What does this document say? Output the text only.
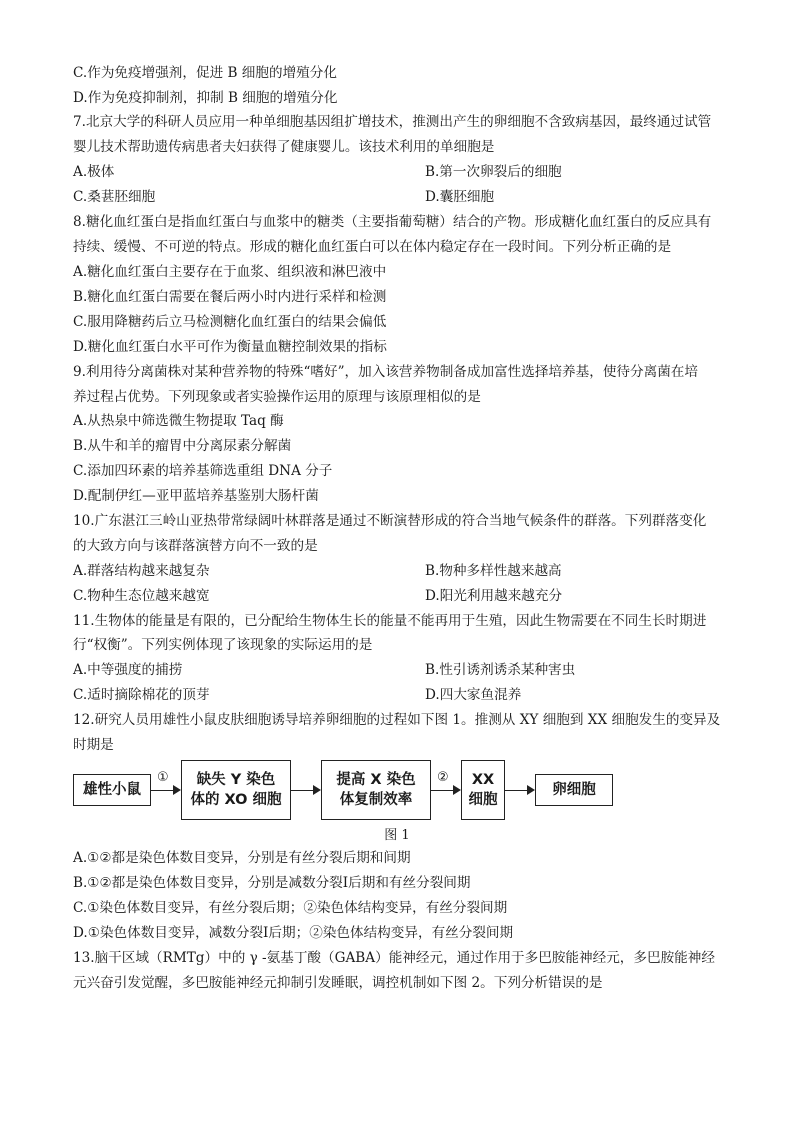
C.作为免疫增强剂，促进 B 细胞的增殖分化
D.作为免疫抑制剂，抑制 B 细胞的增殖分化
7.北京大学的科研人员应用一种单细胞基因组扩增技术，推测出产生的卵细胞不含致病基因，最终通过试管
婴儿技术帮助遗传病患者夫妇获得了健康婴儿。该技术利用的单细胞是
A.极体	B.第一次卵裂后的细胞
C.桑葚胚细胞	D.囊胚细胞
8.糖化血红蛋白是指血红蛋白与血浆中的糖类（主要指葡萄糖）结合的产物。形成糖化血红蛋白的反应具有
持续、缓慢、不可逆的特点。形成的糖化血红蛋白可以在体内稳定存在一段时间。下列分析正确的是
A.糖化血红蛋白主要存在于血浆、组织液和淋巴液中
B.糖化血红蛋白需要在餐后两小时内进行采样和检测
C.服用降糖药后立马检测糖化血红蛋白的结果会偏低
D.糖化血红蛋白水平可作为衡量血糖控制效果的指标
9.利用待分离菌株对某种营养物的特殊“嗜好”，加入该营养物制备成加富性选择培养基，使待分离菌在培
养过程占优势。下列现象或者实验操作运用的原理与该原理相似的是
A.从热泉中筛选微生物提取 Taq 酶
B.从牛和羊的瘤胃中分离尿素分解菌
C.添加四环素的培养基筛选重组 DNA 分子
D.配制伊红—亚甲蓝培养基鉴别大肠杆菌
10.广东湛江三岭山亚热带常绿阔叶林群落是通过不断演替形成的符合当地气候条件的群落。下列群落变化
的大致方向与该群落演替方向不一致的是
A.群落结构越来越复杂	B.物种多样性越来越高
C.物种生态位越来越宽	D.阳光利用越来越充分
11.生物体的能量是有限的，已分配给生物体生长的能量不能再用于生殖，因此生物需要在不同生长时期进
行“权衡”。下列实例体现了该现象的实际运用的是
A.中等强度的捕捞	B.性引诱剂诱杀某种害虫
C.适时摘除棉花的顶芽	D.四大家鱼混养
12.研究人员用雄性小鼠皮肤细胞诱导培养卵细胞的过程如下图 1。推测从 XY 细胞到 XX 细胞发生的变异及
时期是
雄性小鼠
①	缺失 Y 染色
体的 XO 细胞
提高 X 染色
体复制效率
② XX
细胞
卵细胞
图 1
A.①②都是染色体数目变异，分别是有丝分裂后期和间期
B.①②都是染色体数目变异，分别是减数分裂Ⅰ后期和有丝分裂间期
C.①染色体数目变异，有丝分裂后期；②染色体结构变异，有丝分裂间期
D.①染色体数目变异，减数分裂Ⅰ后期；②染色体结构变异，有丝分裂间期
13.脑干区域（RMTg）中的 γ -氨基丁酸（GABA）能神经元，通过作用于多巴胺能神经元，多巴胺能神经
元兴奋引发觉醒，多巴胺能神经元抑制引发睡眠，调控机制如下图 2。下列分析错误的是
